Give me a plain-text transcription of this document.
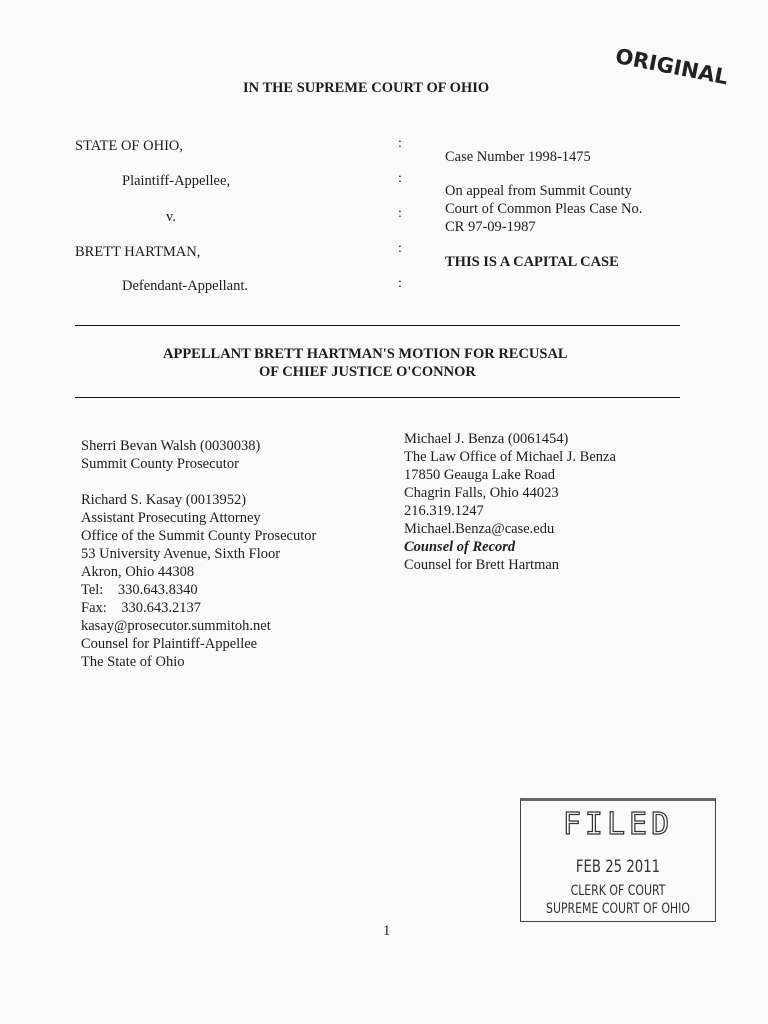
ORIGINAL
IN THE SUPREME COURT OF OHIO
STATE OF OHIO,
Plaintiff-Appellee,
v.
BRETT HARTMAN,
Defendant-Appellant.
:
:
:
:
:
Case Number 1998-1475
On appeal from Summit County
Court of Common Pleas Case No.
CR 97-09-1987
THIS IS A CAPITAL CASE
APPELLANT BRETT HARTMAN'S MOTION FOR RECUSAL
OF CHIEF JUSTICE O'CONNOR
Sherri Bevan Walsh (0030038)
Summit County Prosecutor
Richard S. Kasay (0013952)
Assistant Prosecuting Attorney
Office of the Summit County Prosecutor
53 University Avenue, Sixth Floor
Akron, Ohio 44308
Tel:    330.643.8340
Fax:    330.643.2137
kasay@prosecutor.summitoh.net
Counsel for Plaintiff-Appellee
The State of Ohio
Michael J. Benza (0061454)
The Law Office of Michael J. Benza
17850 Geauga Lake Road
Chagrin Falls, Ohio 44023
216.319.1247
Michael.Benza@case.edu
Counsel of Record
Counsel for Brett Hartman
FILED
FEB 25 2011
CLERK OF COURT
SUPREME COURT OF OHIO
1
